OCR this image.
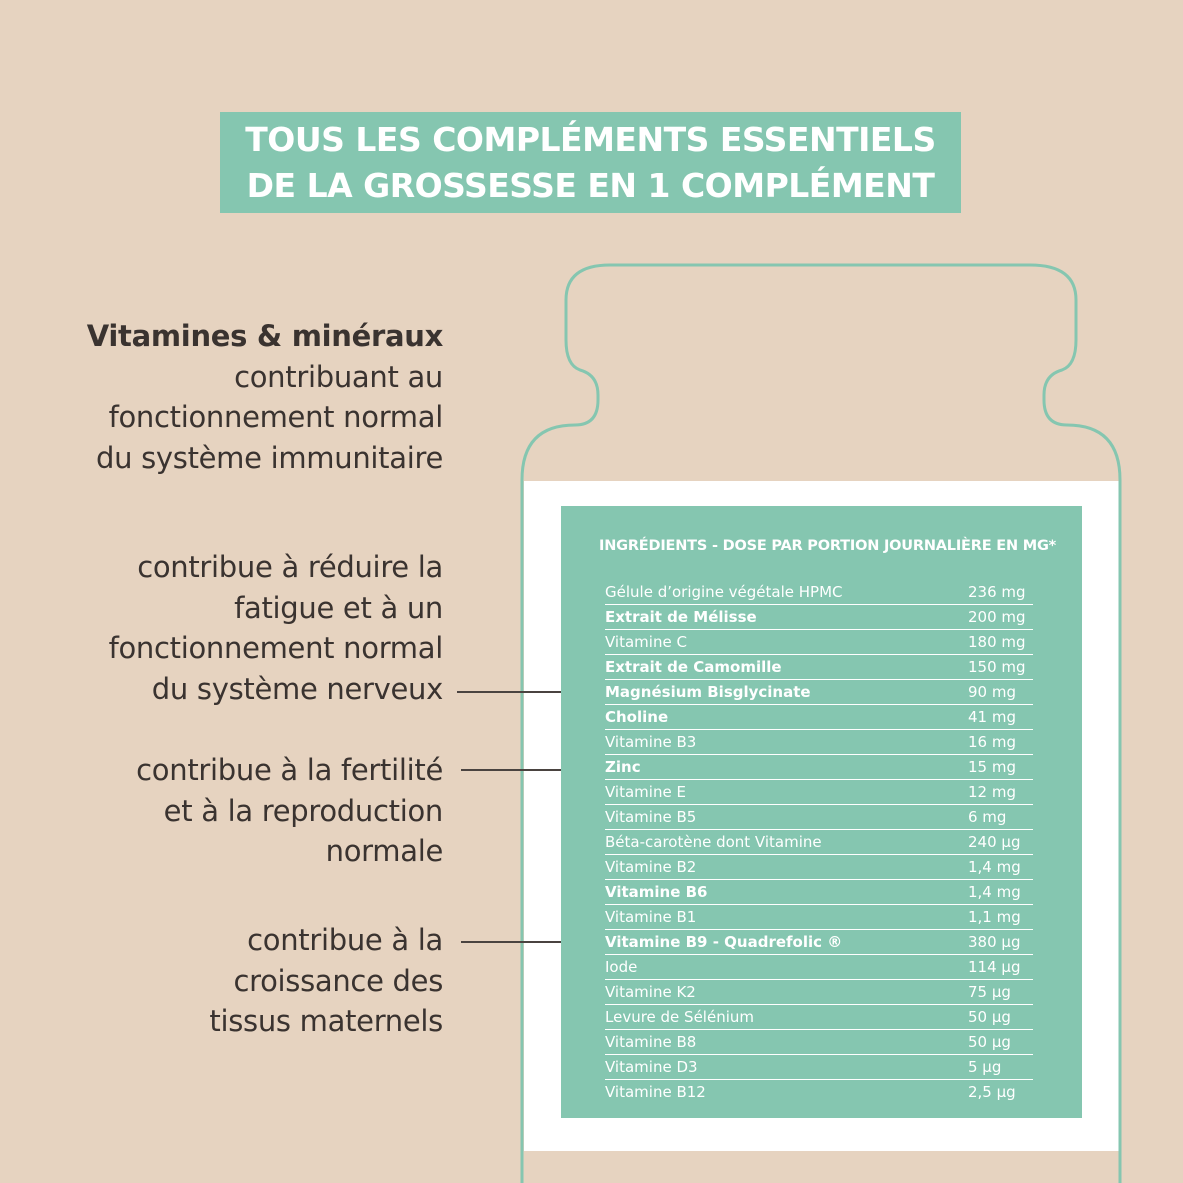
TOUS LES COMPLÉMENTS ESSENTIELS
DE LA GROSSESSE EN 1 COMPLÉMENT
Vitamines & minéraux
contribuant au
fonctionnement normal
du système immunitaire
contribue à réduire la
fatigue et à un
fonctionnement normal
du système nerveux
contribue à la fertilité
et à la reproduction
normale
contribue à la
croissance des
tissus maternels
INGRÉDIENTS - DOSE PAR PORTION JOURNALIÈRE EN MG*
Gélule d’origine végétale HPMC	236 mg
Extrait de Mélisse	200 mg
Vitamine C	180 mg
Extrait de Camomille	150 mg
Magnésium Bisglycinate	90 mg
Choline	41 mg
Vitamine B3	16 mg
Zinc	15 mg
Vitamine E	12 mg
Vitamine B5	6 mg
Béta-carotène dont Vitamine	240 µg
Vitamine B2	1,4 mg
Vitamine B6	1,4 mg
Vitamine B1	1,1 mg
Vitamine B9 - Quadrefolic ®	380 µg
Iode	114 µg
Vitamine K2	75 µg
Levure de Sélénium	50 µg
Vitamine B8	50 µg
Vitamine D3	5 µg
Vitamine B12	2,5 µg
